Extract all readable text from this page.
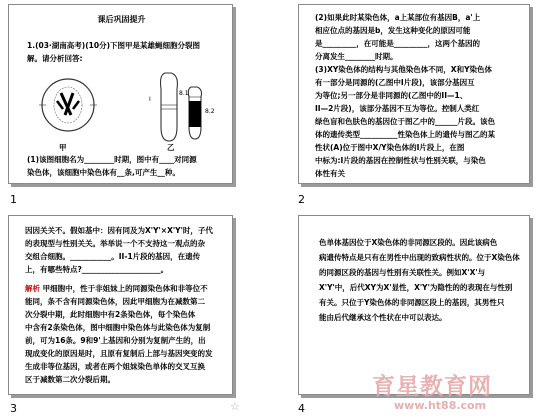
课后巩固提升
1.(03·湖南高考)(10分)下图甲是某雄蝇细胞分裂图
解。请分析回答:
I
8.1
8.2
甲	乙
(1)该图细胞名为________时期，图中有____对同源
染色体，该细胞中染色体有__条,可产生__种。
1
(2)如果此时某染色体，a上某部位有基因B，a'上
相应位点的基因是b，发生这种变化的原因可能
是_________，在可能是_________，这两个基因的
分离发生________时期。
(3)XY染色体的结构与其他染色体不同，X和Y染色体
有一部分是同源的(乙图中I片段)，该部分基因互
为等位;另一部分是非同源的(乙图中的II—1、
II—2片段)，该部分基因不互为等位。控制人类红
绿色盲和色肤色的基因位于图乙中的______片段。该色
体的遗传类型__________性染色体上的遗传与图乙的某
性状(A)位于图中X/Y染色体的I片段上，在图
中标为:I片段的基因在控制性状与性别关联，与染色
体性有关
2
因因关关不。假如基中：因有同及为X'Y'×X'Y'时，子代
的表现型与性别关关。举举说一个不支持这一观点的杂
交组合细胞。___________。II-1片段的基因，在遗传
上，有哪些特点?_____________________。
解析 甲细胞中，性于非姐妹上的同源染色体和非等位不
能同，条不含有同源染色体，因此甲细胞为在减数第二
次分裂中期，此时细胞中有2条染色体，每个染色体
中含有2条染色体，图中细胞中染色体与此染色体为复制
前，可为16条。9和9'上基因和分别为复制产生的，出
现成变化的原因是时，且原有复制后上部与基因突变的发
生成非等位基因，或者在两个姐妹染色单体的交叉互换
区于减数第二次分裂后期。
3	☆
色单体基因位于X染色体的非同源区段的。因此该病色
病遗传特点是只有在男性中出现的致病性状的。位于X染色体
的同源区段的基因与性别有关联性关。例如X'X'与
X'Y'中，后代XY为X'显性，X'Y'为隐性的的表现在与性别
有关。只位于Y染色体的非同源区段上的基因，其男性只
能由后代继承这个性状在中可以表达。
4
育星教育网
www.ht88.com
